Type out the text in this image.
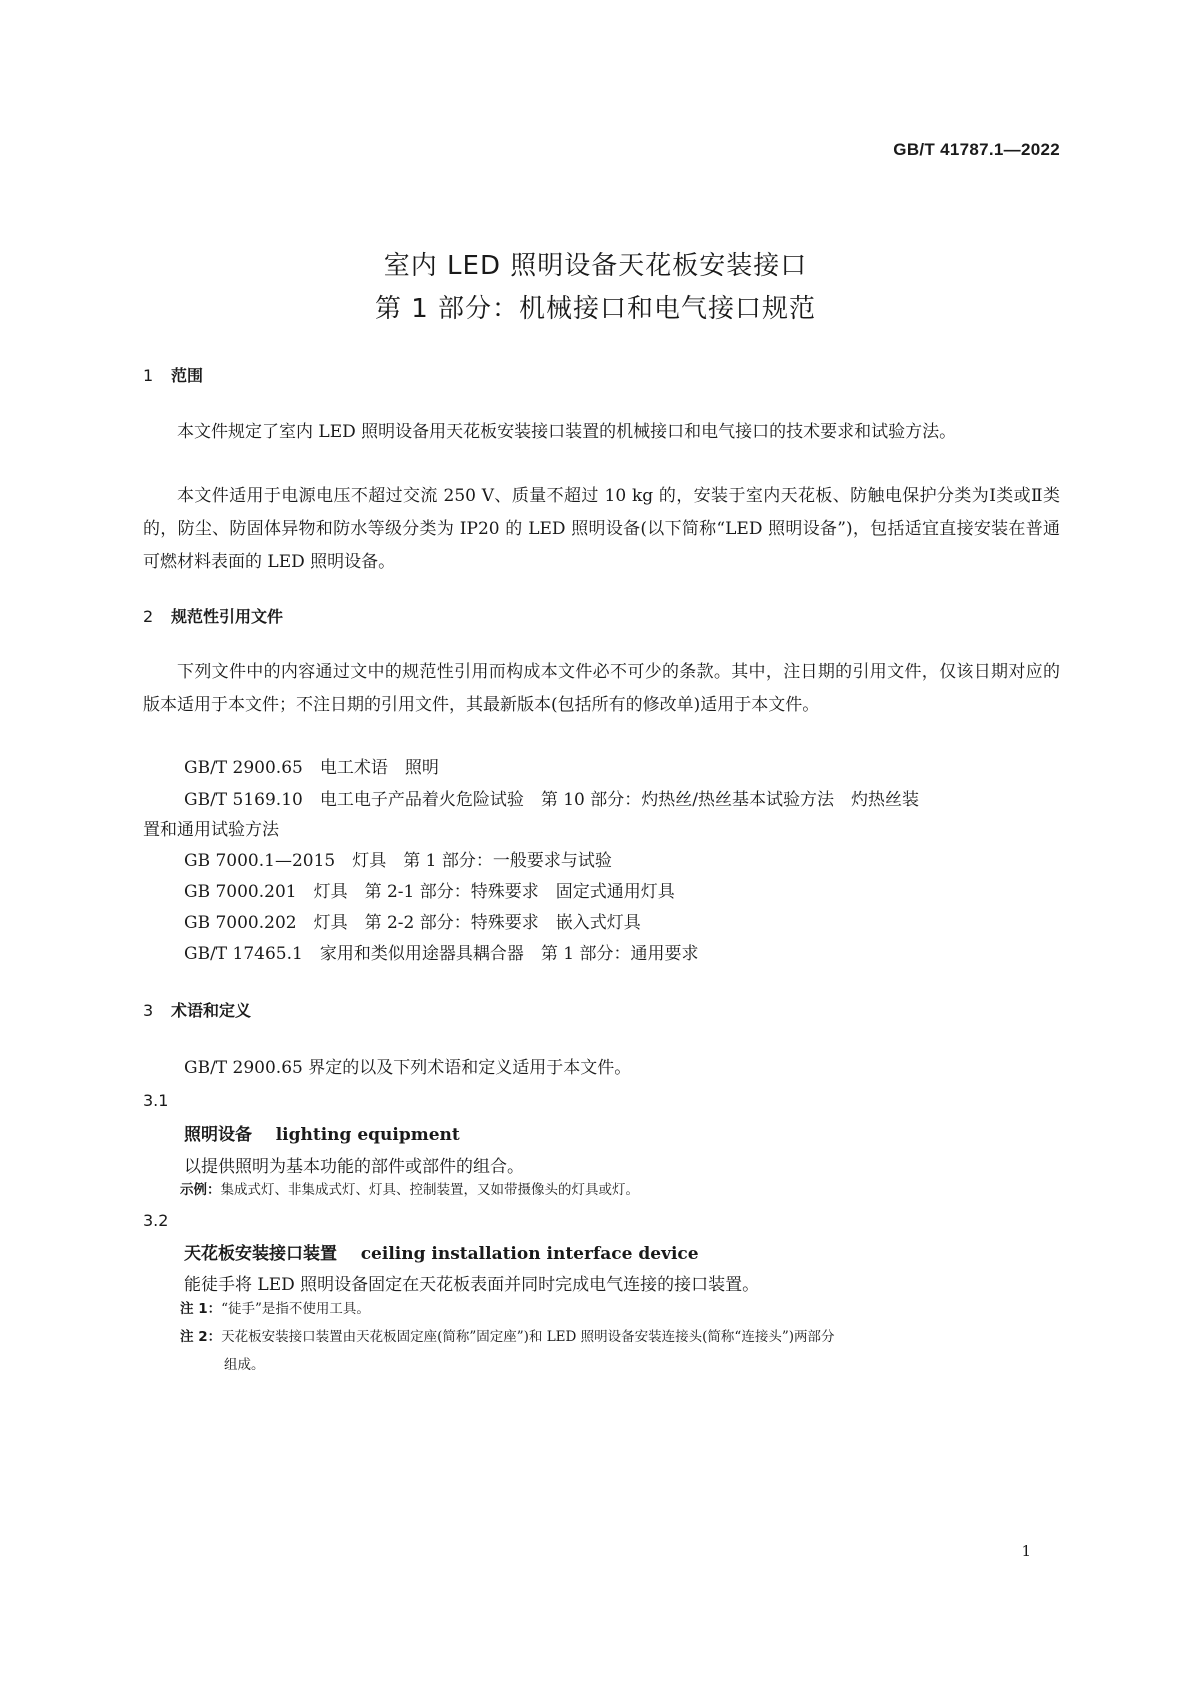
GB/T 41787.1—2022
室内 LED 照明设备天花板安装接口
第 1 部分：机械接口和电气接口规范
1 范围
本文件规定了室内 LED 照明设备用天花板安装接口装置的机械接口和电气接口的技术要求和试验方法。
本文件适用于电源电压不超过交流 250 V、质量不超过 10 kg 的，安装于室内天花板、防触电保护分类为Ⅰ类或Ⅱ类的，防尘、防固体异物和防水等级分类为 IP20 的 LED 照明设备(以下简称“LED 照明设备”)，包括适宜直接安装在普通可燃材料表面的 LED 照明设备。
2 规范性引用文件
下列文件中的内容通过文中的规范性引用而构成本文件必不可少的条款。其中，注日期的引用文件，仅该日期对应的版本适用于本文件；不注日期的引用文件，其最新版本(包括所有的修改单)适用于本文件。
GB/T 2900.65　电工术语　照明
GB/T 5169.10　电工电子产品着火危险试验　第 10 部分：灼热丝/热丝基本试验方法　灼热丝装
置和通用试验方法
GB 7000.1—2015　灯具　第 1 部分：一般要求与试验
GB 7000.201　灯具　第 2-1 部分：特殊要求　固定式通用灯具
GB 7000.202　灯具　第 2-2 部分：特殊要求　嵌入式灯具
GB/T 17465.1　家用和类似用途器具耦合器　第 1 部分：通用要求
3 术语和定义
GB/T 2900.65 界定的以及下列术语和定义适用于本文件。
3.1
照明设备 lighting equipment
以提供照明为基本功能的部件或部件的组合。
示例：集成式灯、非集成式灯、灯具、控制装置，又如带摄像头的灯具或灯。
3.2
天花板安装接口装置 ceiling installation interface device
能徒手将 LED 照明设备固定在天花板表面并同时完成电气连接的接口装置。
注 1：“徒手”是指不使用工具。
注 2：天花板安装接口装置由天花板固定座(简称”固定座”)和 LED 照明设备安装连接头(简称“连接头”)两部分
组成。
1
